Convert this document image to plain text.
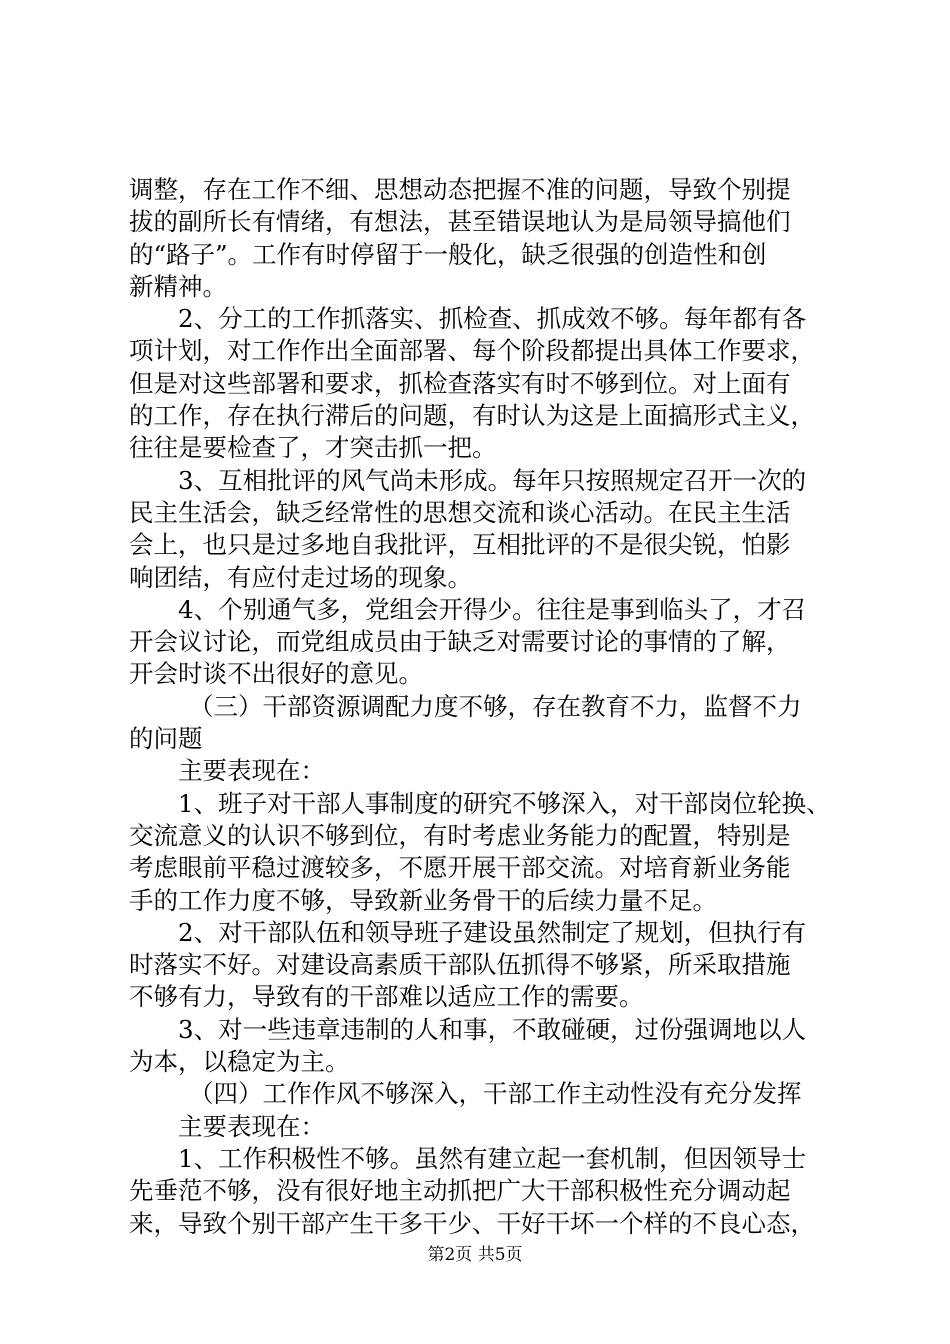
调整，存在工作不细、思想动态把握不准的问题，导致个别提
拔的副所长有情绪，有想法，甚至错误地认为是局领导搞他们
的“路子”。工作有时停留于一般化，缺乏很强的创造性和创
新精神。
2、分工的工作抓落实、抓检查、抓成效不够。每年都有各
项计划，对工作作出全面部署、每个阶段都提出具体工作要求，
但是对这些部署和要求，抓检查落实有时不够到位。对上面有
的工作，存在执行滞后的问题，有时认为这是上面搞形式主义，
往往是要检查了，才突击抓一把。
3、互相批评的风气尚未形成。每年只按照规定召开一次的
民主生活会，缺乏经常性的思想交流和谈心活动。在民主生活
会上，也只是过多地自我批评，互相批评的不是很尖锐，怕影
响团结，有应付走过场的现象。
4、个别通气多，党组会开得少。往往是事到临头了，才召
开会议讨论，而党组成员由于缺乏对需要讨论的事情的了解，
开会时谈不出很好的意见。
（三）干部资源调配力度不够，存在教育不力，监督不力
的问题
主要表现在：
1、班子对干部人事制度的研究不够深入，对干部岗位轮换、
交流意义的认识不够到位，有时考虑业务能力的配置，特别是
考虑眼前平稳过渡较多，不愿开展干部交流。对培育新业务能
手的工作力度不够，导致新业务骨干的后续力量不足。
2、对干部队伍和领导班子建设虽然制定了规划，但执行有
时落实不好。对建设高素质干部队伍抓得不够紧，所采取措施
不够有力，导致有的干部难以适应工作的需要。
3、对一些违章违制的人和事，不敢碰硬，过份强调地以人
为本，以稳定为主。
（四）工作作风不够深入，干部工作主动性没有充分发挥
主要表现在：
1、工作积极性不够。虽然有建立起一套机制，但因领导士
先垂范不够，没有很好地主动抓把广大干部积极性充分调动起
来，导致个别干部产生干多干少、干好干坏一个样的不良心态，
第2页 共5页
